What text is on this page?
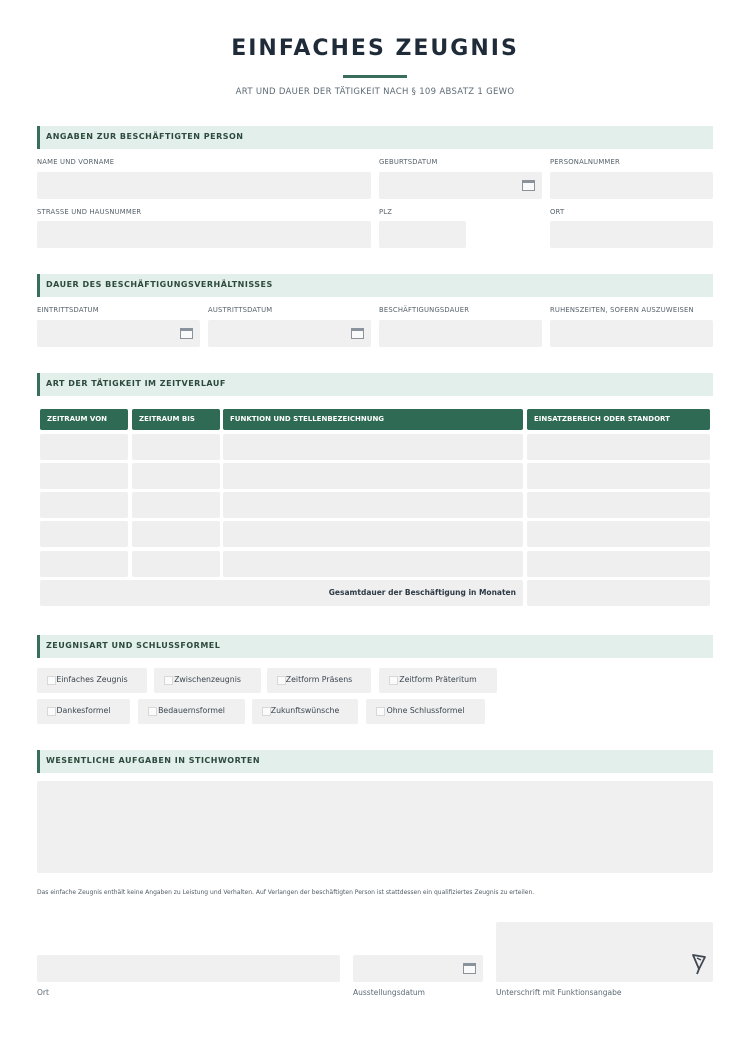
EINFACHES ZEUGNIS
ART UND DAUER DER TÄTIGKEIT NACH § 109 ABSATZ 1 GEWO
ANGABEN ZUR BESCHÄFTIGTEN PERSON
NAME UND VORNAME	GEBURTSDATUM	PERSONALNUMMER
STRASSE UND HAUSNUMMER	PLZ	ORT
DAUER DES BESCHÄFTIGUNGSVERHÄLTNISSES
EINTRITTSDATUM	AUSTRITTSDATUM	BESCHÄFTIGUNGSDAUER	RUHENSZEITEN, SOFERN AUSZUWEISEN
ART DER TÄTIGKEIT IM ZEITVERLAUF
ZEITRAUM VON	ZEITRAUM BIS	FUNKTION UND STELLENBEZEICHNUNG	EINSATZBEREICH ODER STANDORT
Gesamtdauer der Beschäftigung in Monaten
ZEUGNISART UND SCHLUSSFORMEL
Einfaches Zeugnis	Zwischenzeugnis	Zeitform Präsens	Zeitform Präteritum
Dankesformel	Bedauernsformel	Zukunftswünsche	Ohne Schlussformel
WESENTLICHE AUFGABEN IN STICHWORTEN
Das einfache Zeugnis enthält keine Angaben zu Leistung und Verhalten. Auf Verlangen der beschäftigten Person ist stattdessen ein qualifiziertes Zeugnis zu erteilen.
Ort	Ausstellungsdatum	Unterschrift mit Funktionsangabe
